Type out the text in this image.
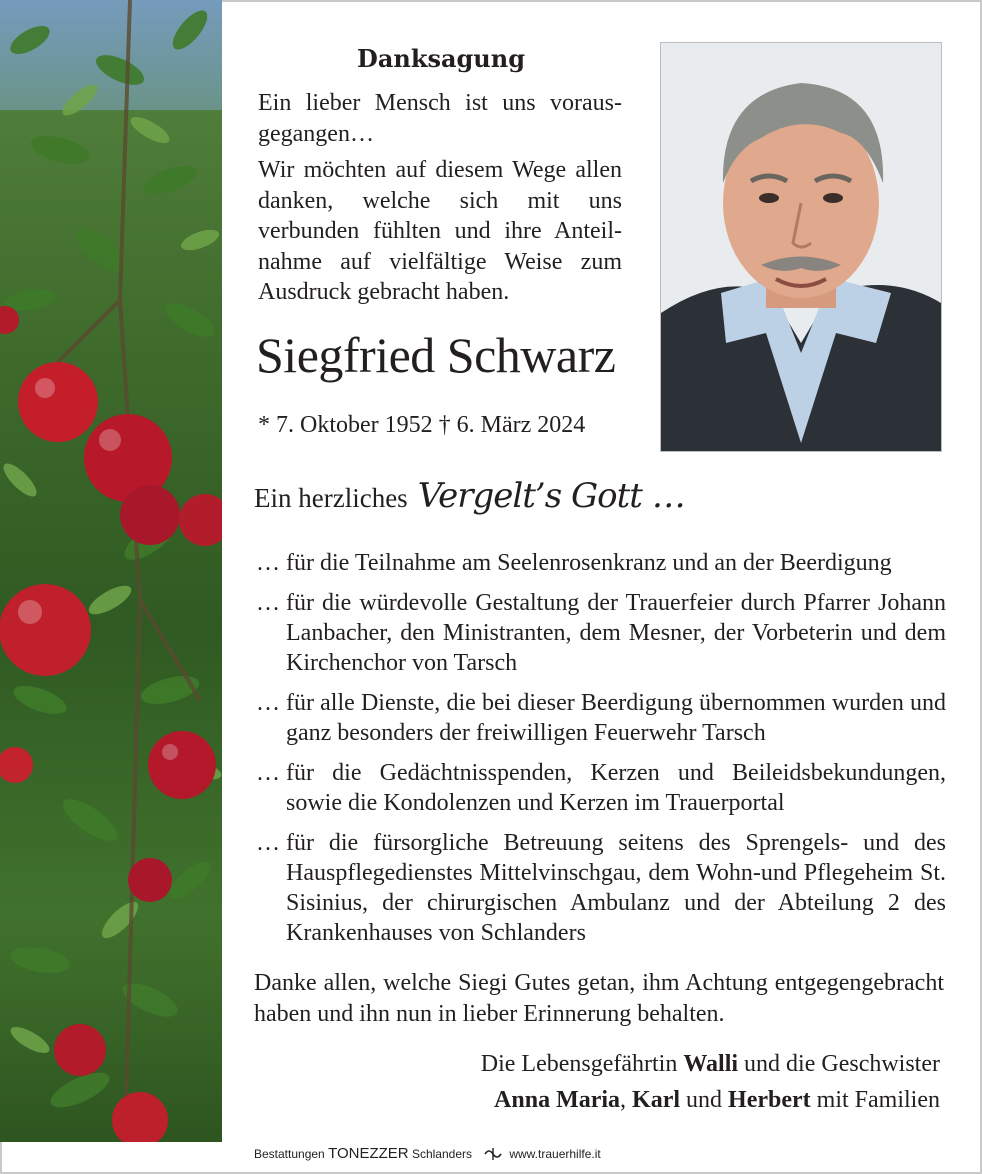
Danksagung

Ein lieber Mensch ist uns vorausgegangen…

Wir möchten auf diesem Wege allen danken, welche sich mit uns verbunden fühlten und ihre Anteilnahme auf vielfältige Weise zum Ausdruck gebracht haben.

Siegfried Schwarz
* 7. Oktober 1952 † 6. März 2024
Ein herzliches Vergelt’s Gott …
… für die Teilnahme am Seelenrosenkranz und an der Beerdigung
… für die würdevolle Gestaltung der Trauerfeier durch Pfarrer Johann Lanbacher, den Ministranten, dem Mesner, der Vorbeterin und dem Kirchenchor von Tarsch
… für alle Dienste, die bei dieser Beerdigung übernommen wurden und ganz besonders der freiwilligen Feuerwehr Tarsch
… für die Gedächtnisspenden, Kerzen und Beileidsbekundungen, sowie die Kondolenzen und Kerzen im Trauerportal
… für die fürsorgliche Betreuung seitens des Sprengels- und des Hauspflegedienstes Mittelvinschgau, dem Wohn-und Pflegeheim St. Sisinius, der chirurgischen Ambulanz und der Abteilung 2 des Krankenhauses von Schlanders
Danke allen, welche Siegi Gutes getan, ihm Achtung entgegengebracht haben und ihn nun in lieber Erinnerung behalten.
Die Lebensgefährtin Walli und die Geschwister
Anna Maria, Karl und Herbert mit Familien
Bestattungen TONEZZER Schlanders	www.trauerhilfe.it
